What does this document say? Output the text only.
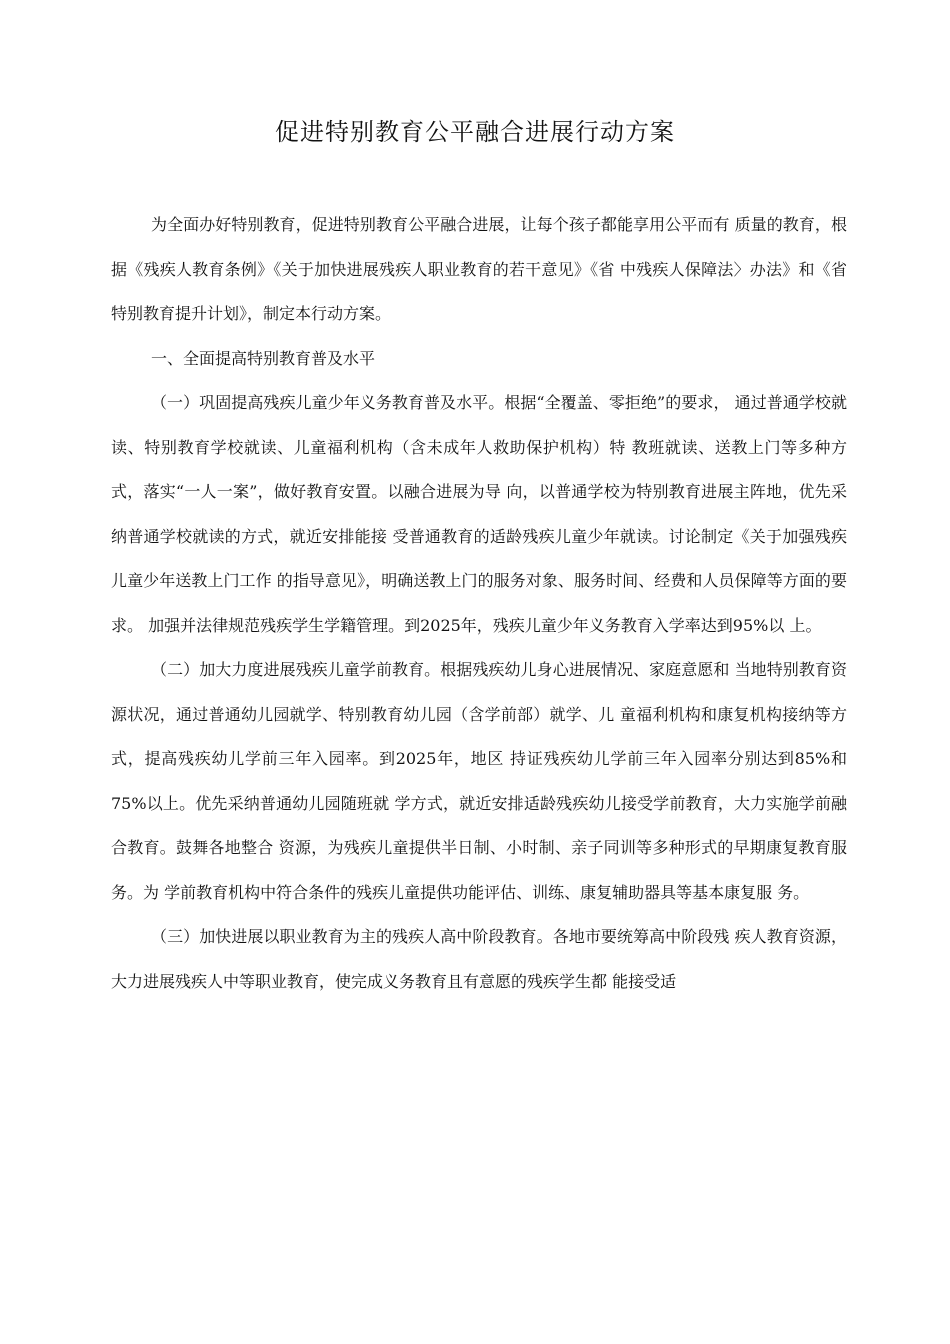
促进特别教育公平融合进展行动方案

为全面办好特别教育，促进特别教育公平融合进展，让每个孩子都能享用公平而有 质量的教育，根据《残疾人教育条例》《关于加快进展残疾人职业教育的若干意见》《省 中残疾人保障法〉办法》和《省特别教育提升计划》，制定本行动方案。

一、全面提高特别教育普及水平

（一）巩固提高残疾儿童少年义务教育普及水平。根据“全覆盖、零拒绝”的要求， 通过普通学校就读、特别教育学校就读、儿童福利机构（含未成年人救助保护机构）特 教班就读、送教上门等多种方式，落实“一人一案”，做好教育安置。以融合进展为导 向，以普通学校为特别教育进展主阵地，优先采纳普通学校就读的方式，就近安排能接 受普通教育的适龄残疾儿童少年就读。讨论制定《关于加强残疾儿童少年送教上门工作 的指导意见》，明确送教上门的服务对象、服务时间、经费和人员保障等方面的要求。 加强并法律规范残疾学生学籍管理。到2025年，残疾儿童少年义务教育入学率达到95%以 上。

（二）加大力度进展残疾儿童学前教育。根据残疾幼儿身心进展情况、家庭意愿和 当地特别教育资源状况，通过普通幼儿园就学、特别教育幼儿园（含学前部）就学、儿 童福利机构和康复机构接纳等方式，提高残疾幼儿学前三年入园率。到2025年，地区 持证残疾幼儿学前三年入园率分别达到85%和75%以上。优先采纳普通幼儿园随班就 学方式，就近安排适龄残疾幼儿接受学前教育，大力实施学前融合教育。鼓舞各地整合 资源，为残疾儿童提供半日制、小时制、亲子同训等多种形式的早期康复教育服务。为 学前教育机构中符合条件的残疾儿童提供功能评估、训练、康复辅助器具等基本康复服 务。

（三）加快进展以职业教育为主的残疾人高中阶段教育。各地市要统筹高中阶段残 疾人教育资源，大力进展残疾人中等职业教育，使完成义务教育且有意愿的残疾学生都 能接受适
